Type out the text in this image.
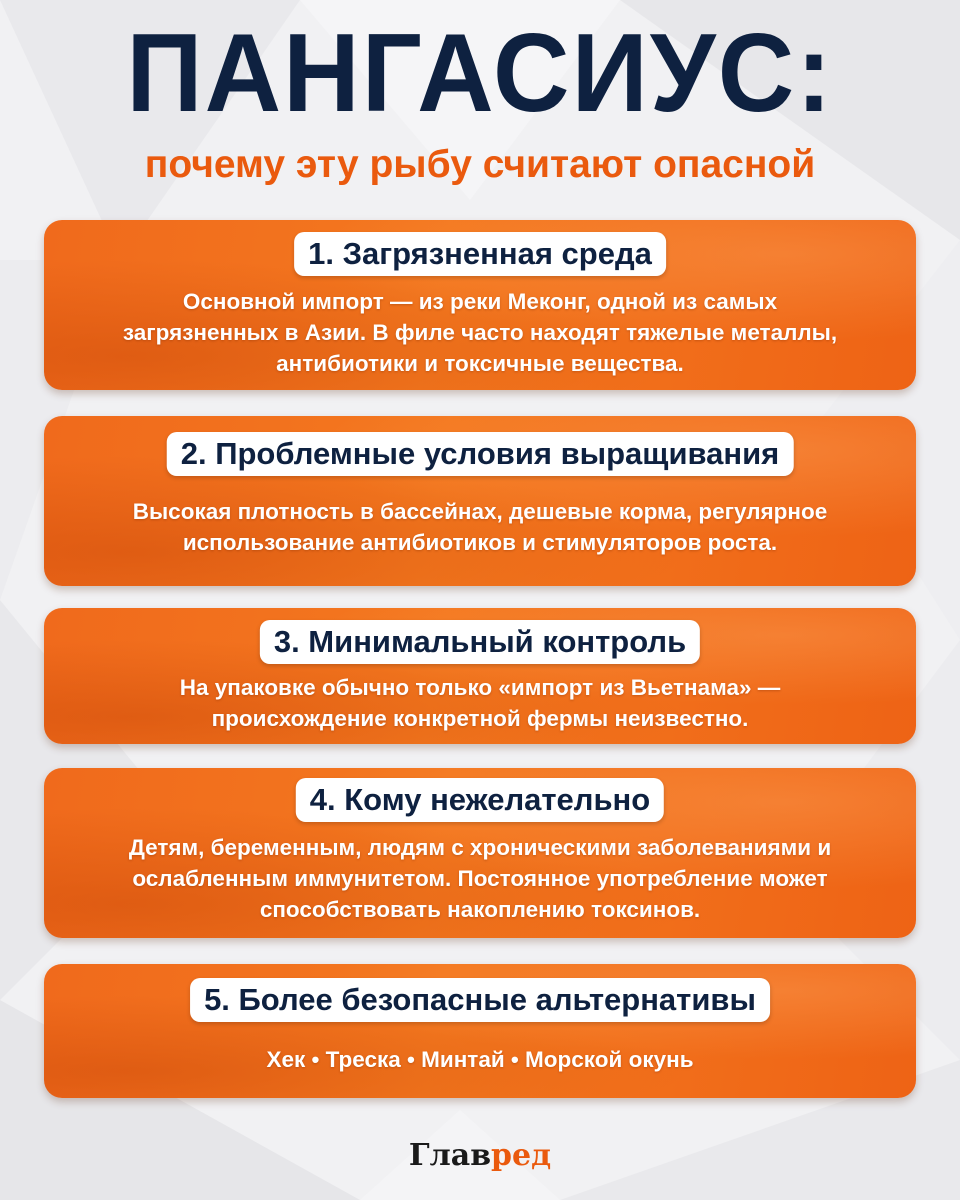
ПАНГАСИУС:
почему эту рыбу считают опасной
1. Загрязненная среда
Основной импорт — из реки Меконг, одной из самых загрязненных в Азии. В филе часто находят тяжелые металлы, антибиотики и токсичные вещества.
2. Проблемные условия выращивания
Высокая плотность в бассейнах, дешевые корма, регулярное использование антибиотиков и стимуляторов роста.
3. Минимальный контроль
На упаковке обычно только «импорт из Вьетнама» — происхождение конкретной фермы неизвестно.
4. Кому нежелательно
Детям, беременным, людям с хроническими заболеваниями и ослабленным иммунитетом. Постоянное употребление может способствовать накоплению токсинов.
5. Более безопасные альтернативы
Хек • Треска • Минтай • Морской окунь
Главред
